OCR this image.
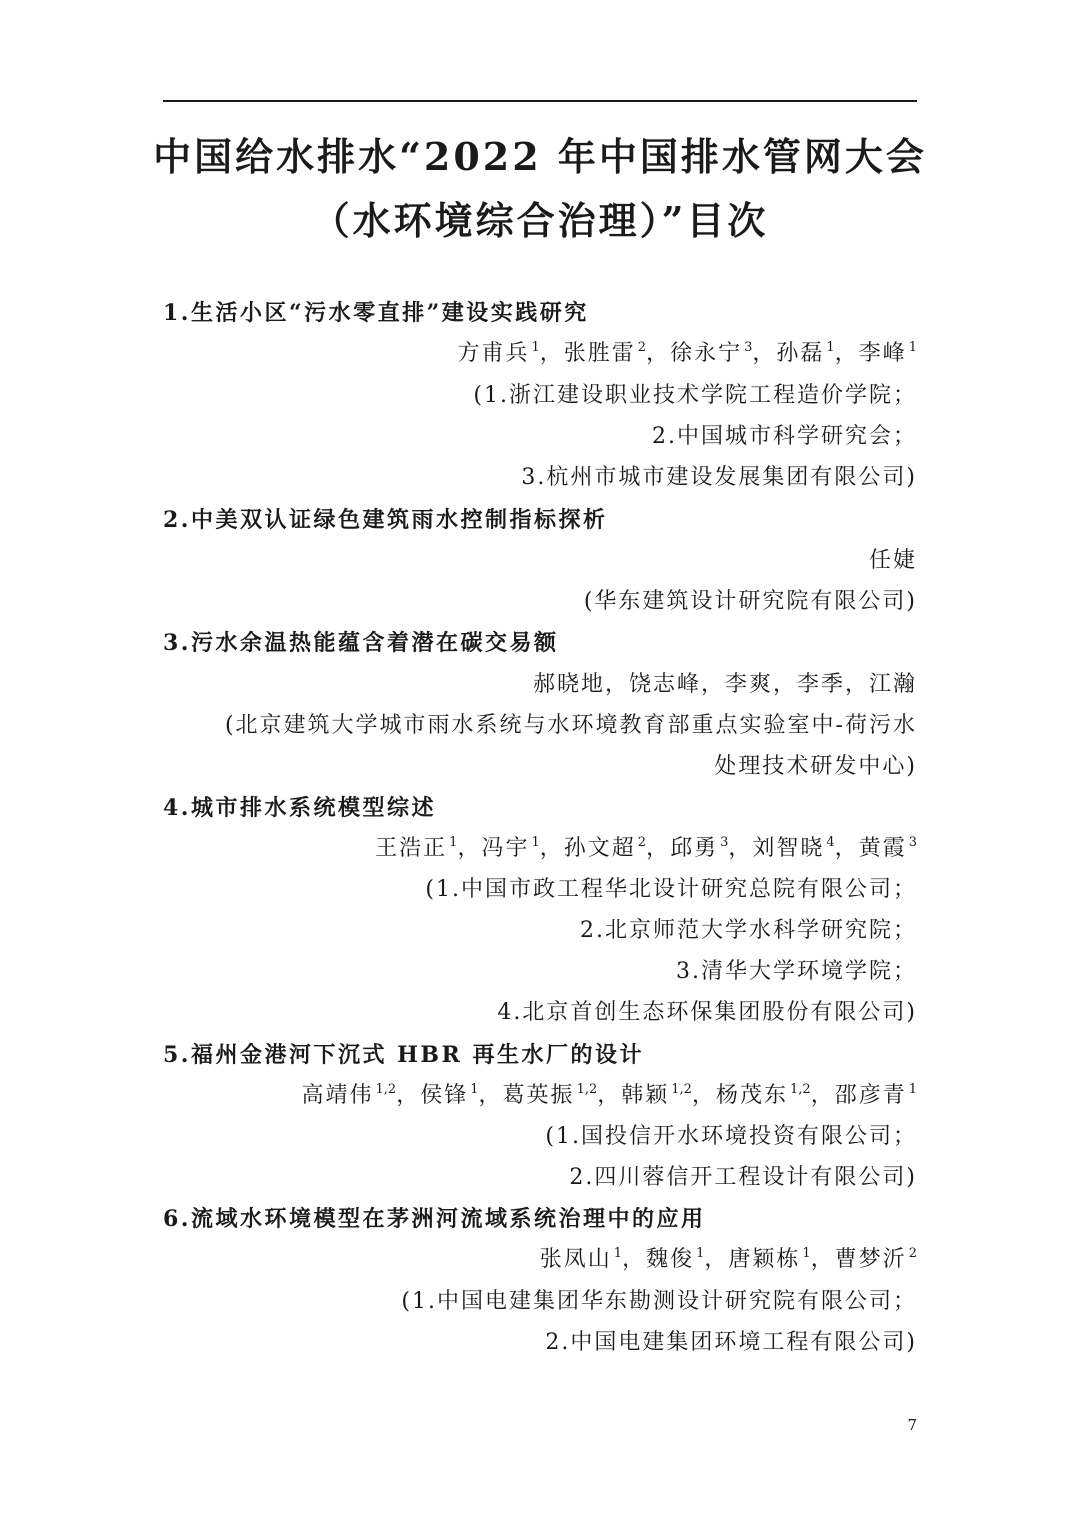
中国给水排水“2022 年中国排水管网大会
（水环境综合治理）”目次
1.生活小区“污水零直排”建设实践研究
方甫兵 $^1$，张胜雷 $^2$，徐永宁 $^3$，孙磊 $^1$，李峰 $^1$
(1.浙江建设职业技术学院工程造价学院；
2.中国城市科学研究会；
3.杭州市城市建设发展集团有限公司)
2.中美双认证绿色建筑雨水控制指标探析
任婕
(华东建筑设计研究院有限公司)
3.污水余温热能蕴含着潜在碳交易额
郝晓地，饶志峰，李爽，李季，江瀚
(北京建筑大学城市雨水系统与水环境教育部重点实验室中-荷污水
处理技术研发中心)
4.城市排水系统模型综述
王浩正 $^1$，冯宇 $^1$，孙文超 $^2$，邱勇 $^3$，刘智晓 $^4$，黄霞 $^3$
(1.中国市政工程华北设计研究总院有限公司；
2.北京师范大学水科学研究院；
3.清华大学环境学院；
4.北京首创生态环保集团股份有限公司)
5.福州金港河下沉式 HBR 再生水厂的设计
高靖伟 $^{1,2}$，侯锋 $^1$，葛英振 $^{1,2}$，韩颖 $^{1,2}$，杨茂东 $^{1,2}$，邵彦青 $^1$
(1.国投信开水环境投资有限公司；
2.四川蓉信开工程设计有限公司)
6.流域水环境模型在茅洲河流域系统治理中的应用
张凤山 $^1$，魏俊 $^1$，唐颖栋 $^1$，曹梦沂 $^2$
(1.中国电建集团华东勘测设计研究院有限公司；
2.中国电建集团环境工程有限公司)
7
